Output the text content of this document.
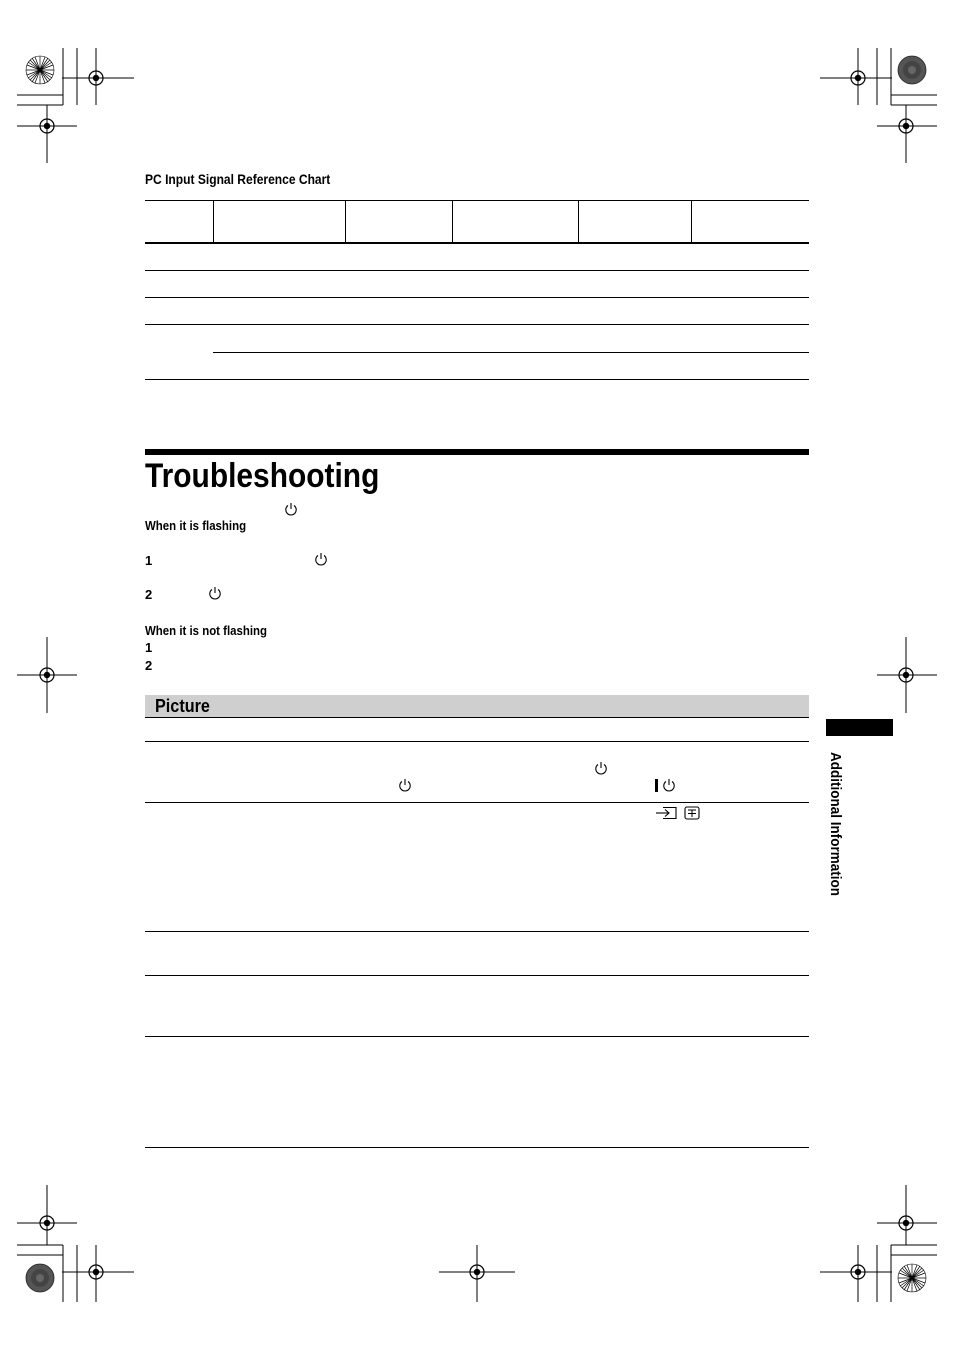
PC Input Signal Reference Chart
Troubleshooting
When it is flashing
1
2
When it is not flashing
1
2
Picture
Additional Information
